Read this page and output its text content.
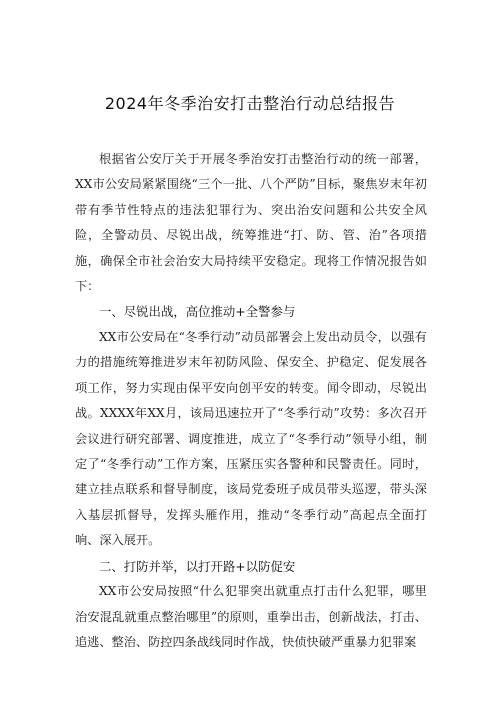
2024年冬季治安打击整治行动总结报告

根据省公安厅关于开展冬季治安打击整治行动的统一部署，XX市公安局紧紧围绕“三个一批、八个严防”目标，聚焦岁末年初带有季节性特点的违法犯罪行为、突出治安问题和公共安全风险，全警动员、尽锐出战，统筹推进“打、防、管、治”各项措施，确保全市社会治安大局持续平安稳定。现将工作情况报告如下：

一、尽锐出战，高位推动+全警参与

XX市公安局在“冬季行动”动员部署会上发出动员令，以强有力的措施统筹推进岁末年初防风险、保安全、护稳定、促发展各项工作，努力实现由保平安向创平安的转变。闻令即动，尽锐出战。XXXX年XX月，该局迅速拉开了“冬季行动”攻势：多次召开会议进行研究部署、调度推进，成立了“冬季行动”领导小组，制定了“冬季行动”工作方案，压紧压实各警种和民警责任。同时，建立挂点联系和督导制度，该局党委班子成员带头巡逻，带头深入基层抓督导，发挥头雁作用，推动“冬季行动”高起点全面打响、深入展开。

二、打防并举，以打开路+以防促安

XX市公安局按照“什么犯罪突出就重点打击什么犯罪，哪里治安混乱就重点整治哪里”的原则，重拳出击，创新战法，打击、追逃、整治、防控四条战线同时作战，快侦快破严重暴力犯罪案
